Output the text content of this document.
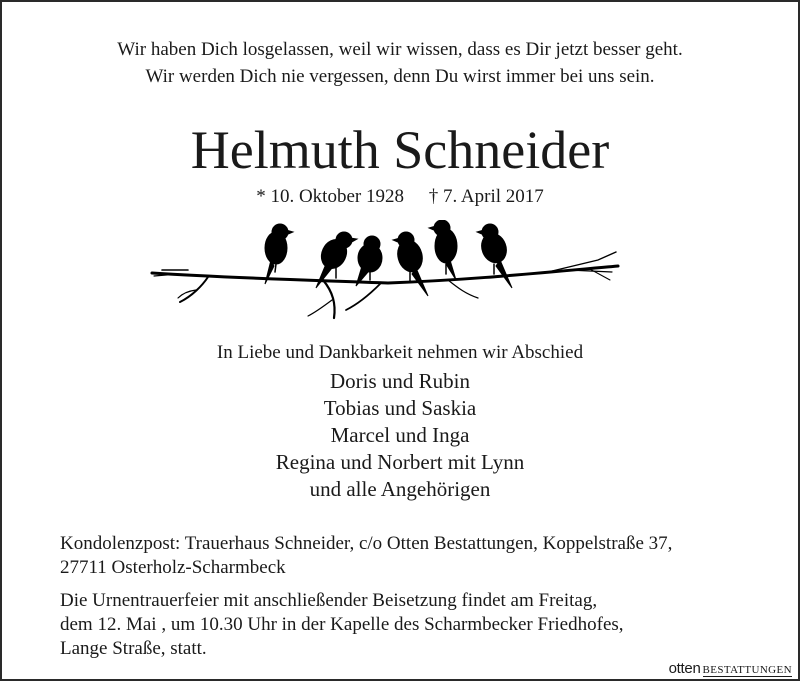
Wir haben Dich losgelassen, weil wir wissen, dass es Dir jetzt besser geht.
Wir werden Dich nie vergessen, denn Du wirst immer bei uns sein.
Helmuth Schneider
* 10. Oktober 1928 † 7. April 2017
In Liebe und Dankbarkeit nehmen wir Abschied
Doris und Rubin
Tobias und Saskia
Marcel und Inga
Regina und Norbert mit Lynn
und alle Angehörigen
Kondolenzpost: Trauerhaus Schneider, c/o Otten Bestattungen, Koppelstraße 37,
27711 Osterholz-Scharmbeck
Die Urnentrauerfeier mit anschließender Beisetzung findet am Freitag,
dem 12. Mai , um 10.30 Uhr in der Kapelle des Scharmbecker Friedhofes,
Lange Straße, statt.
otten BESTATTUNGEN
